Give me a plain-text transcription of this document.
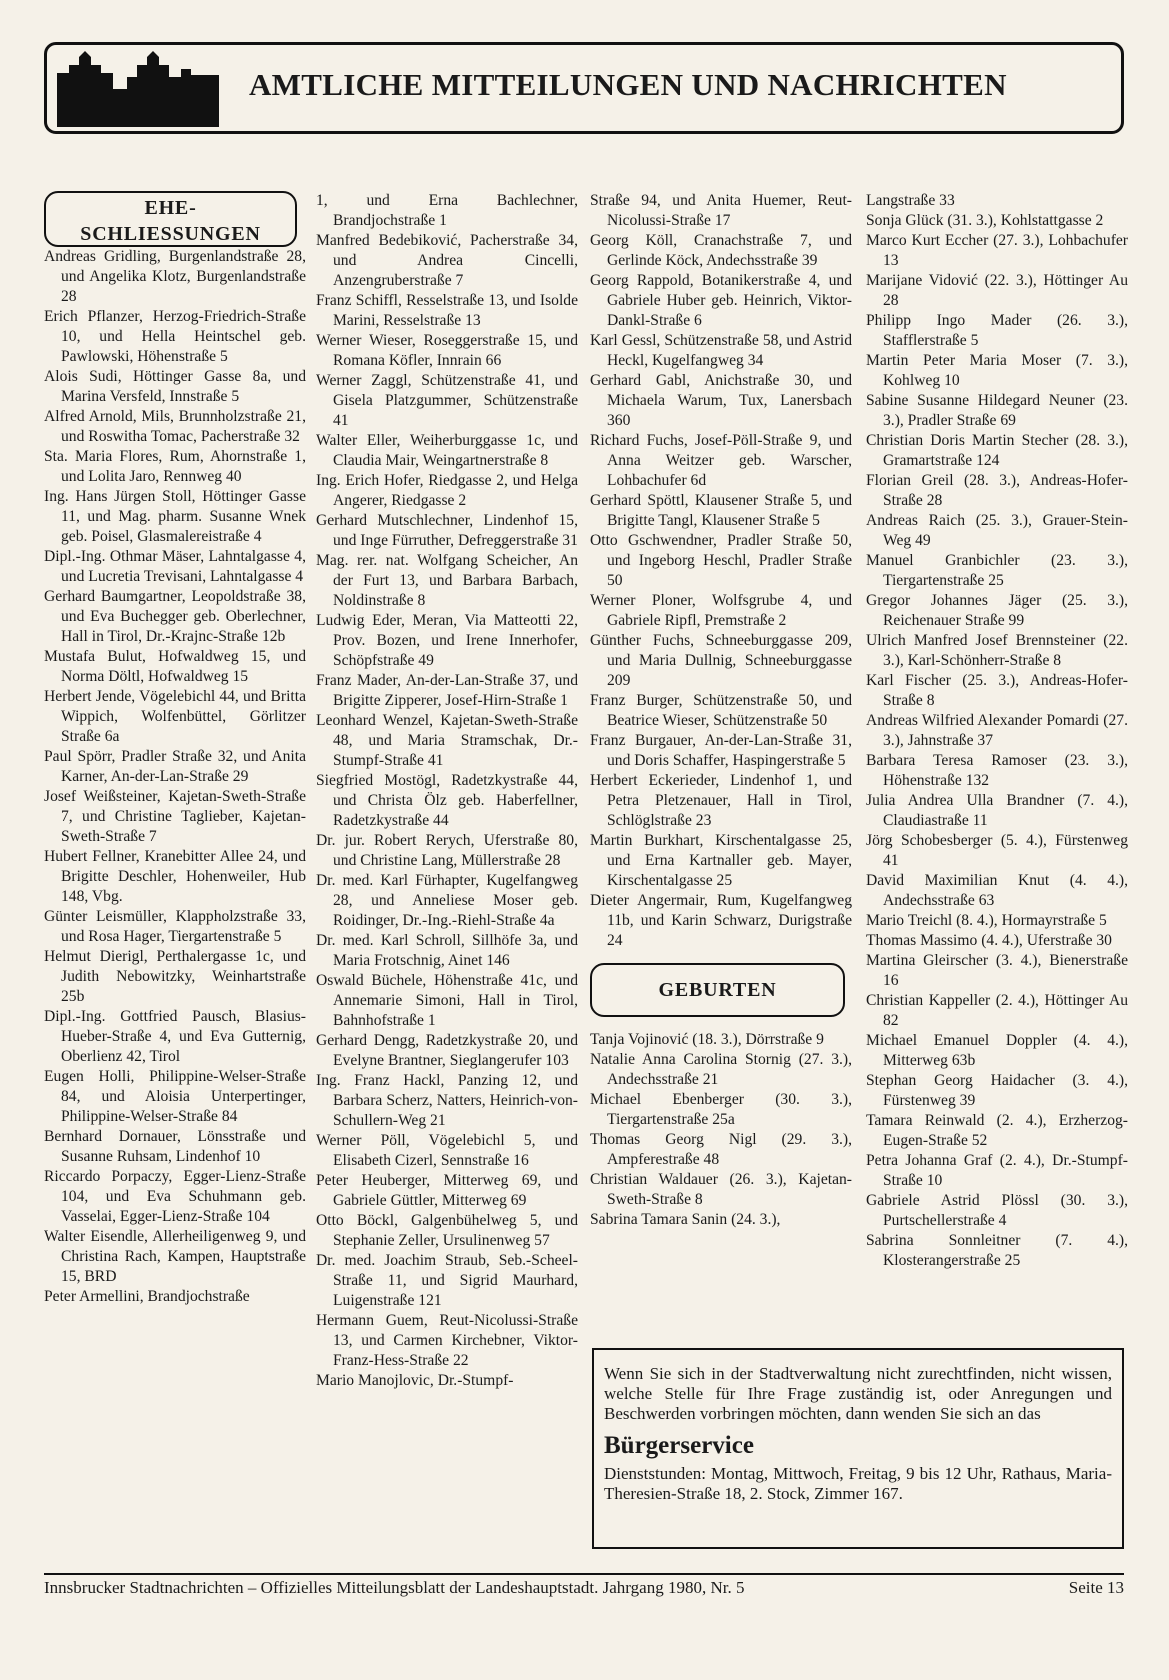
AMTLICHE MITTEILUNGEN UND NACHRICHTEN
EHE-
SCHLIESSUNGEN
Andreas Gridling, Burgenlandstraße 28, und Angelika Klotz, Burgenlandstraße 28
Erich Pflanzer, Herzog-Friedrich-Straße 10, und Hella Heintschel geb. Pawlowski, Höhenstraße 5
Alois Sudi, Höttinger Gasse 8a, und Marina Versfeld, Innstraße 5
Alfred Arnold, Mils, Brunnholzstraße 21, und Roswitha Tomac, Pacherstraße 32
Sta. Maria Flores, Rum, Ahornstraße 1, und Lolita Jaro, Rennweg 40
Ing. Hans Jürgen Stoll, Höttinger Gasse 11, und Mag. pharm. Susanne Wnek geb. Poisel, Glasmalereistraße 4
Dipl.-Ing. Othmar Mäser, Lahntalgasse 4, und Lucretia Trevisani, Lahntalgasse 4
Gerhard Baumgartner, Leopoldstraße 38, und Eva Buchegger geb. Oberlechner, Hall in Tirol, Dr.-Krajnc-Straße 12b
Mustafa Bulut, Hofwaldweg 15, und Norma Döltl, Hofwaldweg 15
Herbert Jende, Vögelebichl 44, und Britta Wippich, Wolfenbüttel, Görlitzer Straße 6a
Paul Spörr, Pradler Straße 32, und Anita Karner, An-der-Lan-Straße 29
Josef Weißsteiner, Kajetan-Sweth-Straße 7, und Christine Taglieber, Kajetan-Sweth-Straße 7
Hubert Fellner, Kranebitter Allee 24, und Brigitte Deschler, Hohenweiler, Hub 148, Vbg.
Günter Leismüller, Klappholzstraße 33, und Rosa Hager, Tiergartenstraße 5
Helmut Dierigl, Perthalergasse 1c, und Judith Nebowitzky, Weinhartstraße 25b
Dipl.-Ing. Gottfried Pausch, Blasius-Hueber-Straße 4, und Eva Gutternig, Oberlienz 42, Tirol
Eugen Holli, Philippine-Welser-Straße 84, und Aloisia Unterpertinger, Philippine-Welser-Straße 84
Bernhard Dornauer, Lönsstraße und Susanne Ruhsam, Lindenhof 10
Riccardo Porpaczy, Egger-Lienz-Straße 104, und Eva Schuhmann geb. Vasselai, Egger-Lienz-Straße 104
Walter Eisendle, Allerheiligenweg 9, und Christina Rach, Kampen, Hauptstraße 15, BRD
Peter Armellini, Brandjochstraße
1, und Erna Bachlechner, Brandjochstraße 1
Manfred Bedebiković, Pacherstraße 34, und Andrea Cincelli, Anzengruberstraße 7
Franz Schiffl, Resselstraße 13, und Isolde Marini, Resselstraße 13
Werner Wieser, Roseggerstraße 15, und Romana Köfler, Innrain 66
Werner Zaggl, Schützenstraße 41, und Gisela Platzgummer, Schützenstraße 41
Walter Eller, Weiherburggasse 1c, und Claudia Mair, Weingartnerstraße 8
Ing. Erich Hofer, Riedgasse 2, und Helga Angerer, Riedgasse 2
Gerhard Mutschlechner, Lindenhof 15, und Inge Fürruther, Defreggerstraße 31
Mag. rer. nat. Wolfgang Scheicher, An der Furt 13, und Barbara Barbach, Noldinstraße 8
Ludwig Eder, Meran, Via Matteotti 22, Prov. Bozen, und Irene Innerhofer, Schöpfstraße 49
Franz Mader, An-der-Lan-Straße 37, und Brigitte Zipperer, Josef-Hirn-Straße 1
Leonhard Wenzel, Kajetan-Sweth-Straße 48, und Maria Stramschak, Dr.-Stumpf-Straße 41
Siegfried Mostögl, Radetzkystraße 44, und Christa Ölz geb. Haberfellner, Radetzkystraße 44
Dr. jur. Robert Rerych, Uferstraße 80, und Christine Lang, Müllerstraße 28
Dr. med. Karl Fürhapter, Kugelfangweg 28, und Anneliese Moser geb. Roidinger, Dr.-Ing.-Riehl-Straße 4a
Dr. med. Karl Schroll, Sillhöfe 3a, und Maria Frotschnig, Ainet 146
Oswald Büchele, Höhenstraße 41c, und Annemarie Simoni, Hall in Tirol, Bahnhofstraße 1
Gerhard Dengg, Radetzkystraße 20, und Evelyne Brantner, Sieglangerufer 103
Ing. Franz Hackl, Panzing 12, und Barbara Scherz, Natters, Heinrich-von-Schullern-Weg 21
Werner Pöll, Vögelebichl 5, und Elisabeth Cizerl, Sennstraße 16
Peter Heuberger, Mitterweg 69, und Gabriele Güttler, Mitterweg 69
Otto Böckl, Galgenbühelweg 5, und Stephanie Zeller, Ursulinenweg 57
Dr. med. Joachim Straub, Seb.-Scheel-Straße 11, und Sigrid Maurhard, Luigenstraße 121
Hermann Guem, Reut-Nicolussi-Straße 13, und Carmen Kirchebner, Viktor-Franz-Hess-Straße 22
Mario Manojlovic, Dr.-Stumpf-
Straße 94, und Anita Huemer, Reut-Nicolussi-Straße 17
Georg Köll, Cranachstraße 7, und Gerlinde Köck, Andechsstraße 39
Georg Rappold, Botanikerstraße 4, und Gabriele Huber geb. Heinrich, Viktor-Dankl-Straße 6
Karl Gessl, Schützenstraße 58, und Astrid Heckl, Kugelfangweg 34
Gerhard Gabl, Anichstraße 30, und Michaela Warum, Tux, Lanersbach 360
Richard Fuchs, Josef-Pöll-Straße 9, und Anna Weitzer geb. Warscher, Lohbachufer 6d
Gerhard Spöttl, Klausener Straße 5, und Brigitte Tangl, Klausener Straße 5
Otto Gschwendner, Pradler Straße 50, und Ingeborg Heschl, Pradler Straße 50
Werner Ploner, Wolfsgrube 4, und Gabriele Ripfl, Premstraße 2
Günther Fuchs, Schneeburggasse 209, und Maria Dullnig, Schneeburggasse 209
Franz Burger, Schützenstraße 50, und Beatrice Wieser, Schützenstraße 50
Franz Burgauer, An-der-Lan-Straße 31, und Doris Schaffer, Haspingerstraße 5
Herbert Eckerieder, Lindenhof 1, und Petra Pletzenauer, Hall in Tirol, Schlöglstraße 23
Martin Burkhart, Kirschentalgasse 25, und Erna Kartnaller geb. Mayer, Kirschentalgasse 25
Dieter Angermair, Rum, Kugelfangweg 11b, und Karin Schwarz, Durigstraße 24
GEBURTEN
Tanja Vojinović (18. 3.), Dörrstraße 9
Natalie Anna Carolina Stornig (27. 3.), Andechsstraße 21
Michael Ebenberger (30. 3.), Tiergartenstraße 25a
Thomas Georg Nigl (29. 3.), Ampferestraße 48
Christian Waldauer (26. 3.), Kajetan-Sweth-Straße 8
Sabrina Tamara Sanin (24. 3.),
Langstraße 33
Sonja Glück (31. 3.), Kohlstattgasse 2
Marco Kurt Eccher (27. 3.), Lohbachufer 13
Marijane Vidović (22. 3.), Höttinger Au 28
Philipp Ingo Mader (26. 3.), Stafflerstraße 5
Martin Peter Maria Moser (7. 3.), Kohlweg 10
Sabine Susanne Hildegard Neuner (23. 3.), Pradler Straße 69
Christian Doris Martin Stecher (28. 3.), Gramartstraße 124
Florian Greil (28. 3.), Andreas-Hofer-Straße 28
Andreas Raich (25. 3.), Grauer-Stein-Weg 49
Manuel Granbichler (23. 3.), Tiergartenstraße 25
Gregor Johannes Jäger (25. 3.), Reichenauer Straße 99
Ulrich Manfred Josef Brennsteiner (22. 3.), Karl-Schönherr-Straße 8
Karl Fischer (25. 3.), Andreas-Hofer-Straße 8
Andreas Wilfried Alexander Pomardi (27. 3.), Jahnstraße 37
Barbara Teresa Ramoser (23. 3.), Höhenstraße 132
Julia Andrea Ulla Brandner (7. 4.), Claudiastraße 11
Jörg Schobesberger (5. 4.), Fürstenweg 41
David Maximilian Knut (4. 4.), Andechsstraße 63
Mario Treichl (8. 4.), Hormayrstraße 5
Thomas Massimo (4. 4.), Uferstraße 30
Martina Gleirscher (3. 4.), Bienerstraße 16
Christian Kappeller (2. 4.), Höttinger Au 82
Michael Emanuel Doppler (4. 4.), Mitterweg 63b
Stephan Georg Haidacher (3. 4.), Fürstenweg 39
Tamara Reinwald (2. 4.), Erzherzog-Eugen-Straße 52
Petra Johanna Graf (2. 4.), Dr.-Stumpf-Straße 10
Gabriele Astrid Plössl (30. 3.), Purtschellerstraße 4
Sabrina Sonnleitner (7. 4.), Klosterangerstraße 25
Wenn Sie sich in der Stadtverwaltung nicht zurechtfinden, nicht wissen, welche Stelle für Ihre Frage zuständig ist, oder Anregungen und Beschwerden vorbringen möchten, dann wenden Sie sich an das
Bürgerservice
Dienststunden: Montag, Mittwoch, Freitag, 9 bis 12 Uhr, Rathaus, Maria-Theresien-Straße 18, 2. Stock, Zimmer 167.
Innsbrucker Stadtnachrichten – Offizielles Mitteilungsblatt der Landeshauptstadt. Jahrgang 1980, Nr. 5	Seite 13
